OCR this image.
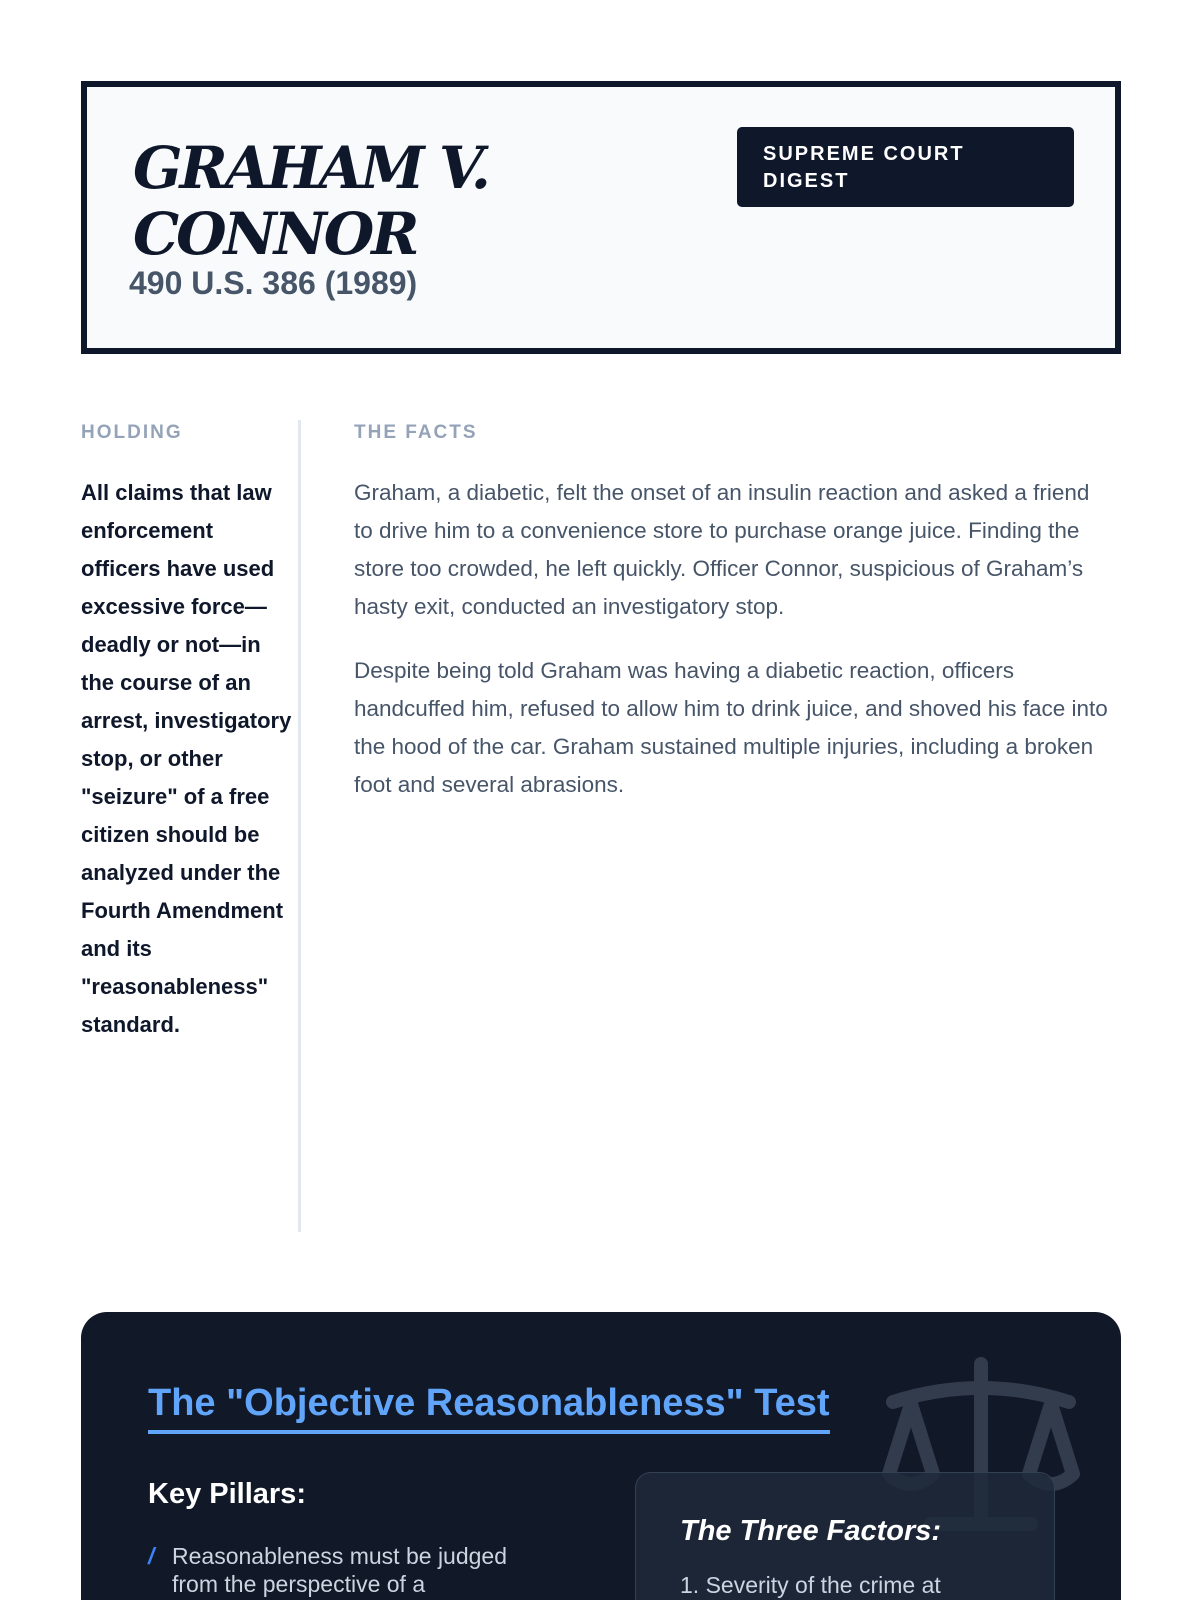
GRAHAM V. CONNOR
490 U.S. 386 (1989)
SUPREME COURT DIGEST
HOLDING
All claims that law enforcement officers have used excessive force—deadly or not—in the course of an arrest, investigatory stop, or other "seizure" of a free citizen should be analyzed under the Fourth Amendment and its "reasonableness" standard.
THE FACTS

Graham, a diabetic, felt the onset of an insulin reaction and asked a friend to drive him to a convenience store to purchase orange juice. Finding the store too crowded, he left quickly. Officer Connor, suspicious of Graham’s hasty exit, conducted an investigatory stop.

Despite being told Graham was having a diabetic reaction, officers handcuffed him, refused to allow him to drink juice, and shoved his face into the hood of the car. Graham sustained multiple injuries, including a broken foot and several abrasions.

The "Objective Reasonableness" Test
Key Pillars:
/ Reasonableness must be judged from the perspective of a
The Three Factors:
1. Severity of the crime at
